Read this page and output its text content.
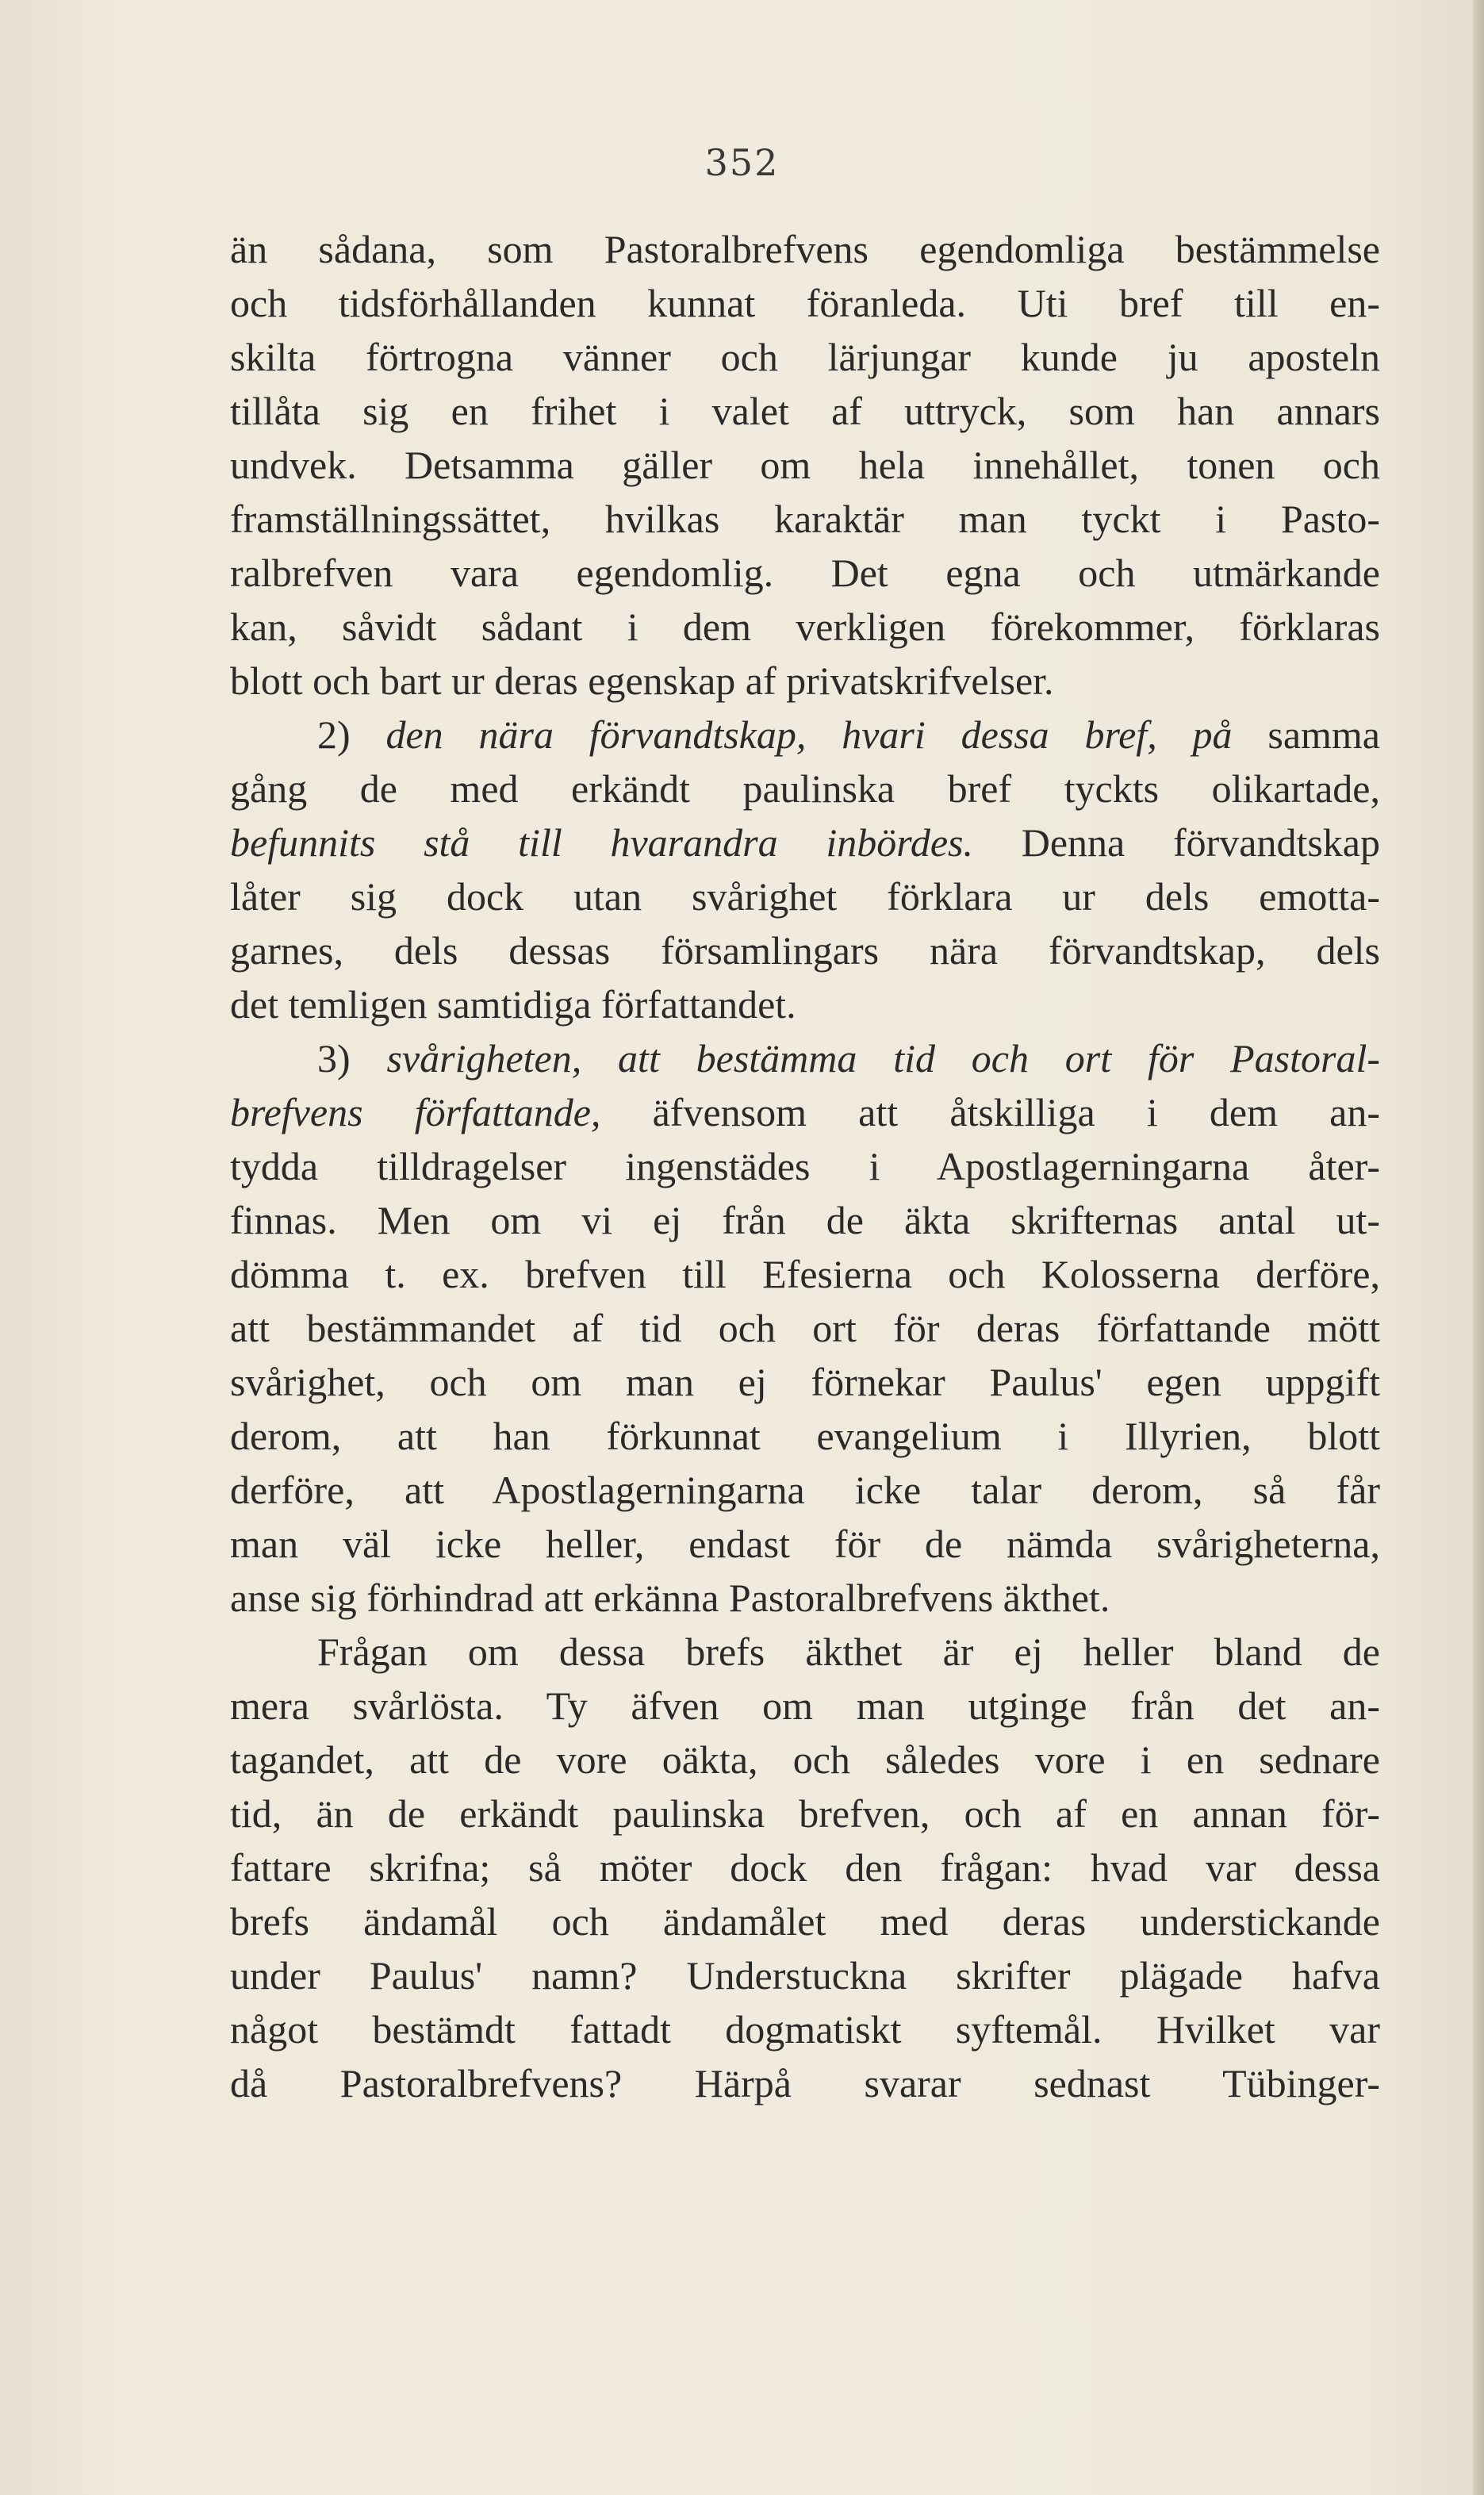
352
än sådana, som Pastoralbrefvens egendomliga bestämmelse
och tidsförhållanden kunnat föranleda. Uti bref till en-
skilta förtrogna vänner och lärjungar kunde ju aposteln
tillåta sig en frihet i valet af uttryck, som han annars
undvek. Detsamma gäller om hela innehållet, tonen och
framställningssättet, hvilkas karaktär man tyckt i Pasto-
ralbrefven vara egendomlig. Det egna och utmärkande
kan, såvidt sådant i dem verkligen förekommer, förklaras
blott och bart ur deras egenskap af privatskrifvelser.
2) den nära förvandtskap, hvari dessa bref, på samma
gång de med erkändt paulinska bref tyckts olikartade,
befunnits stå till hvarandra inbördes. Denna förvandtskap
låter sig dock utan svårighet förklara ur dels emotta-
garnes, dels dessas församlingars nära förvandtskap, dels
det temligen samtidiga författandet.
3) svårigheten, att bestämma tid och ort för Pastoral-
brefvens författande, äfvensom att åtskilliga i dem an-
tydda tilldragelser ingenstädes i Apostlagerningarna åter-
finnas. Men om vi ej från de äkta skrifternas antal ut-
dömma t. ex. brefven till Efesierna och Kolosserna derföre,
att bestämmandet af tid och ort för deras författande mött
svårighet, och om man ej förnekar Paulus' egen uppgift
derom, att han förkunnat evangelium i Illyrien, blott
derföre, att Apostlagerningarna icke talar derom, så får
man väl icke heller, endast för de nämda svårigheterna,
anse sig förhindrad att erkänna Pastoralbrefvens äkthet.
Frågan om dessa brefs äkthet är ej heller bland de
mera svårlösta. Ty äfven om man utginge från det an-
tagandet, att de vore oäkta, och således vore i en sednare
tid, än de erkändt paulinska brefven, och af en annan för-
fattare skrifna; så möter dock den frågan: hvad var dessa
brefs ändamål och ändamålet med deras understickande
under Paulus' namn? Understuckna skrifter plägade hafva
något bestämdt fattadt dogmatiskt syftemål. Hvilket var
då Pastoralbrefvens? Härpå svarar sednast Tübinger-
